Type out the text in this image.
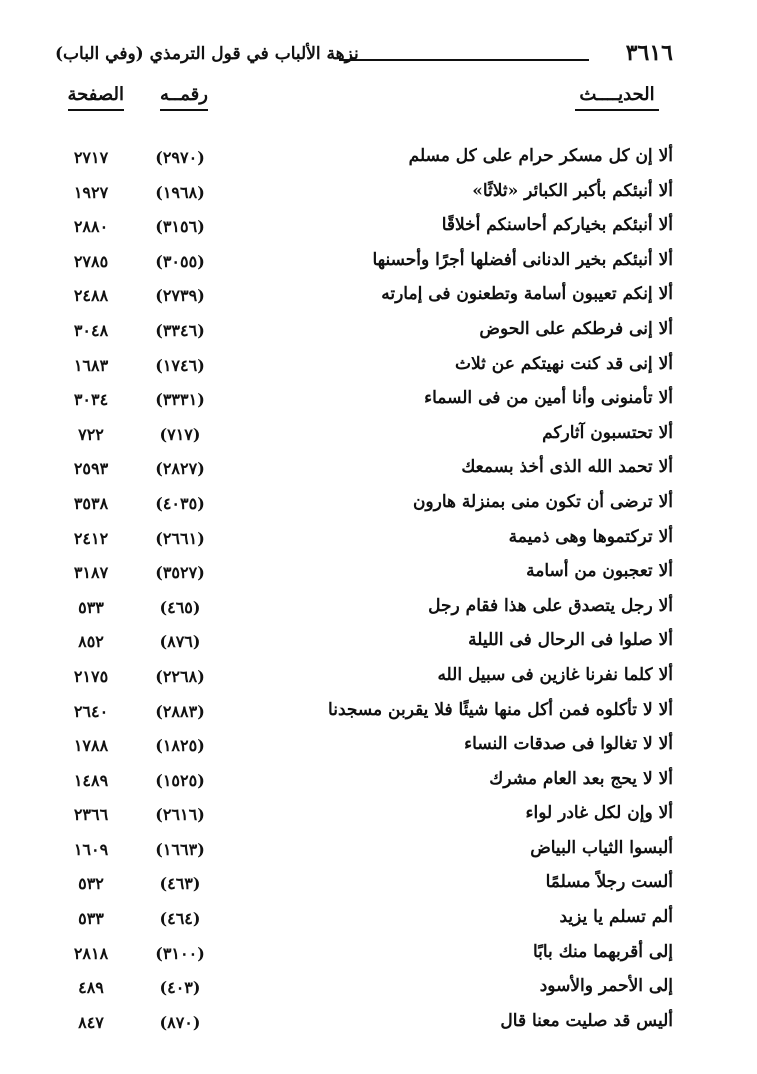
٣٦١٦
نزهة الألباب في قول الترمذي (وفي الباب)
الحديــــث
رقمــه
الصفحة
ألا إن كل مسكر حرام على كل مسلم
(٢٩٧٠)
٢٧١٧
ألا أنبئكم بأكبر الكبائر «ثلاثًا»
(١٩٦٨)
١٩٢٧
ألا أنبئكم بخياركم أحاسنكم أخلاقًا
(٣١٥٦)
٢٨٨٠
ألا أنبئكم بخير الدنانى أفضلها أجرًا وأحسنها
(٣٠٥٥)
٢٧٨٥
ألا إنكم تعيبون أسامة وتطعنون فى إمارته
(٢٧٣٩)
٢٤٨٨
ألا إنى فرطكم على الحوض
(٣٣٤٦)
٣٠٤٨
ألا إنى قد كنت نهيتكم عن ثلاث
(١٧٤٦)
١٦٨٣
ألا تأمنونى وأنا أمين من فى السماء
(٣٣٣١)
٣٠٣٤
ألا تحتسبون آثاركم
(٧١٧)
٧٢٢
ألا تحمد الله الذى أخذ بسمعك
(٢٨٢٧)
٢٥٩٣
ألا ترضى أن تكون منى بمنزلة هارون
(٤٠٣٥)
٣٥٣٨
ألا تركتموها وهى ذميمة
(٢٦٦١)
٢٤١٢
ألا تعجبون من أسامة
(٣٥٢٧)
٣١٨٧
ألا رجل يتصدق على هذا فقام رجل
(٤٦٥)
٥٣٣
ألا صلوا فى الرحال فى الليلة
(٨٧٦)
٨٥٢
ألا كلما نفرنا غازين فى سبيل الله
(٢٢٦٨)
٢١٧٥
ألا لا تأكلوه فمن أكل منها شيئًا فلا يقربن مسجدنا
(٢٨٨٣)
٢٦٤٠
ألا لا تغالوا فى صدقات النساء
(١٨٢٥)
١٧٨٨
ألا لا يحج بعد العام مشرك
(١٥٢٥)
١٤٨٩
ألا وإن لكل غادر لواء
(٢٦١٦)
٢٣٦٦
ألبسوا الثياب البياض
(١٦٦٣)
١٦٠٩
ألست رجلاً مسلمًا
(٤٦٣)
٥٣٢
ألم تسلم يا يزيد
(٤٦٤)
٥٣٣
إلى أقربهما منك بابًا
(٣١٠٠)
٢٨١٨
إلى الأحمر والأسود
(٤٠٣)
٤٨٩
أليس قد صليت معنا قال
(٨٧٠)
٨٤٧
